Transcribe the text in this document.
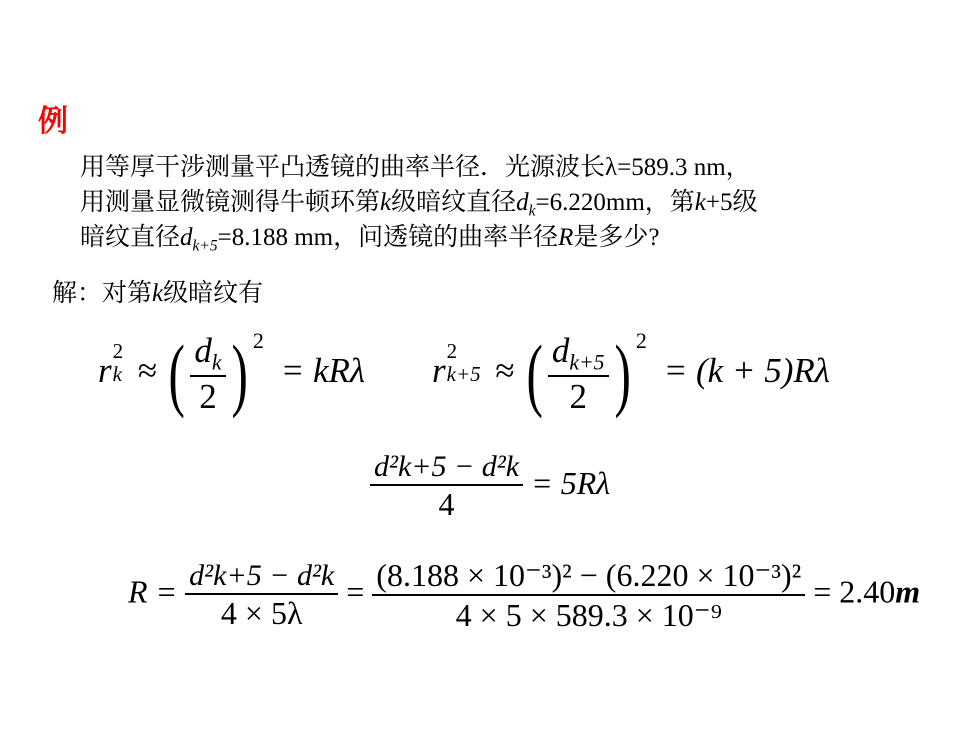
例
用等厚干涉测量平凸透镜的曲率半径．光源波长λ=589.3 nm，
用测量显微镜测得牛顿环第k级暗纹直径$d_k=6.220mm$，第k+5级
暗纹直径$d_{k+5}=8.188$ mm，问透镜的曲率半径R是多少?
解：对第k级暗纹有
r 2
k ≈ ( $\frac{d_k}{2}$ ) $^2$ = kRλ r 2
k+5 ≈ ( $\frac{d_{k+5}}{2}$ ) $^2$ = (k + 5)Rλ
$\frac{\text{d²k+5 − d²k}}{4} = 5R\lambda$
$R = \frac{\text{d²k+5 − d²k}}{4 \times 5\lambda} = \frac{\text{(8.188 × 10⁻³)² − (6.220 × 10⁻³)²}}{\text{4 × 5 × 589.3 × 10⁻⁹}} = 2.40m$
